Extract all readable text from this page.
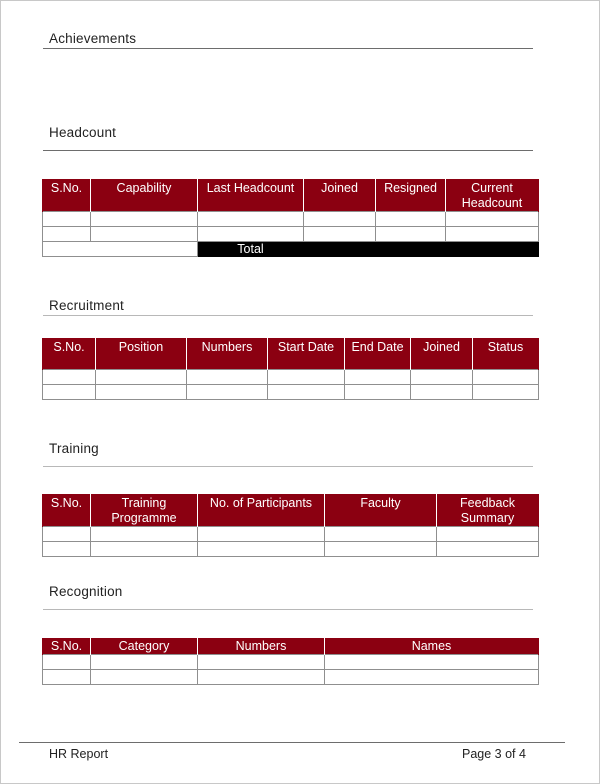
Achievements
Headcount
S.No.	Capability	Last Headcount	Joined	Resigned	Current Headcount

		Total			
Recruitment
S.No.	Position	Numbers	Start Date	End Date	Joined	Status

Training
S.No.	Training Programme	No. of Participants	Faculty	Feedback Summary

Recognition
S.No.	Category	Numbers	Names

HR Report	Page 3 of 4
